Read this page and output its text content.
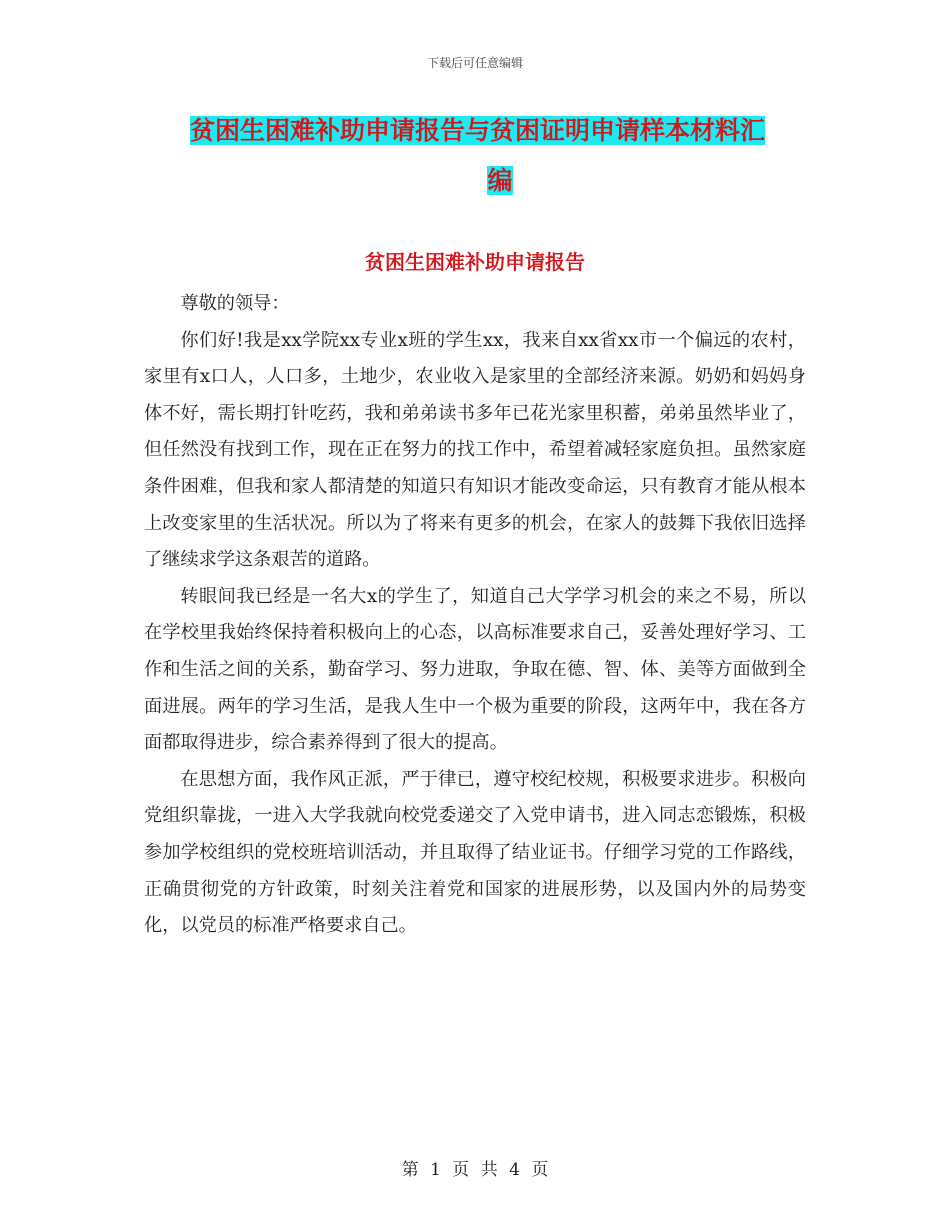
下载后可任意编辑
贫困生困难补助申请报告与贫困证明申请样本材料汇
编
贫困生困难补助申请报告

尊敬的领导：

你们好!我是xx学院xx专业x班的学生xx，我来自xx省xx市一个偏远的农村，家里有x口人，人口多，土地少，农业收入是家里的全部经济来源。奶奶和妈妈身体不好，需长期打针吃药，我和弟弟读书多年已花光家里积蓄，弟弟虽然毕业了，但任然没有找到工作，现在正在努力的找工作中，希望着减轻家庭负担。虽然家庭条件困难，但我和家人都清楚的知道只有知识才能改变命运，只有教育才能从根本上改变家里的生活状况。所以为了将来有更多的机会，在家人的鼓舞下我依旧选择了继续求学这条艰苦的道路。

转眼间我已经是一名大x的学生了，知道自己大学学习机会的来之不易，所以在学校里我始终保持着积极向上的心态，以高标准要求自己，妥善处理好学习、工作和生活之间的关系，勤奋学习、努力进取，争取在德、智、体、美等方面做到全面进展。两年的学习生活，是我人生中一个极为重要的阶段，这两年中，我在各方面都取得进步，综合素养得到了很大的提高。

在思想方面，我作风正派，严于律已，遵守校纪校规，积极要求进步。积极向党组织靠拢，一进入大学我就向校党委递交了入党申请书，进入同志恋锻炼，积极参加学校组织的党校班培训活动，并且取得了结业证书。仔细学习党的工作路线，正确贯彻党的方针政策，时刻关注着党和国家的进展形势，以及国内外的局势变化，以党员的标准严格要求自己。

第 1 页 共 4 页
